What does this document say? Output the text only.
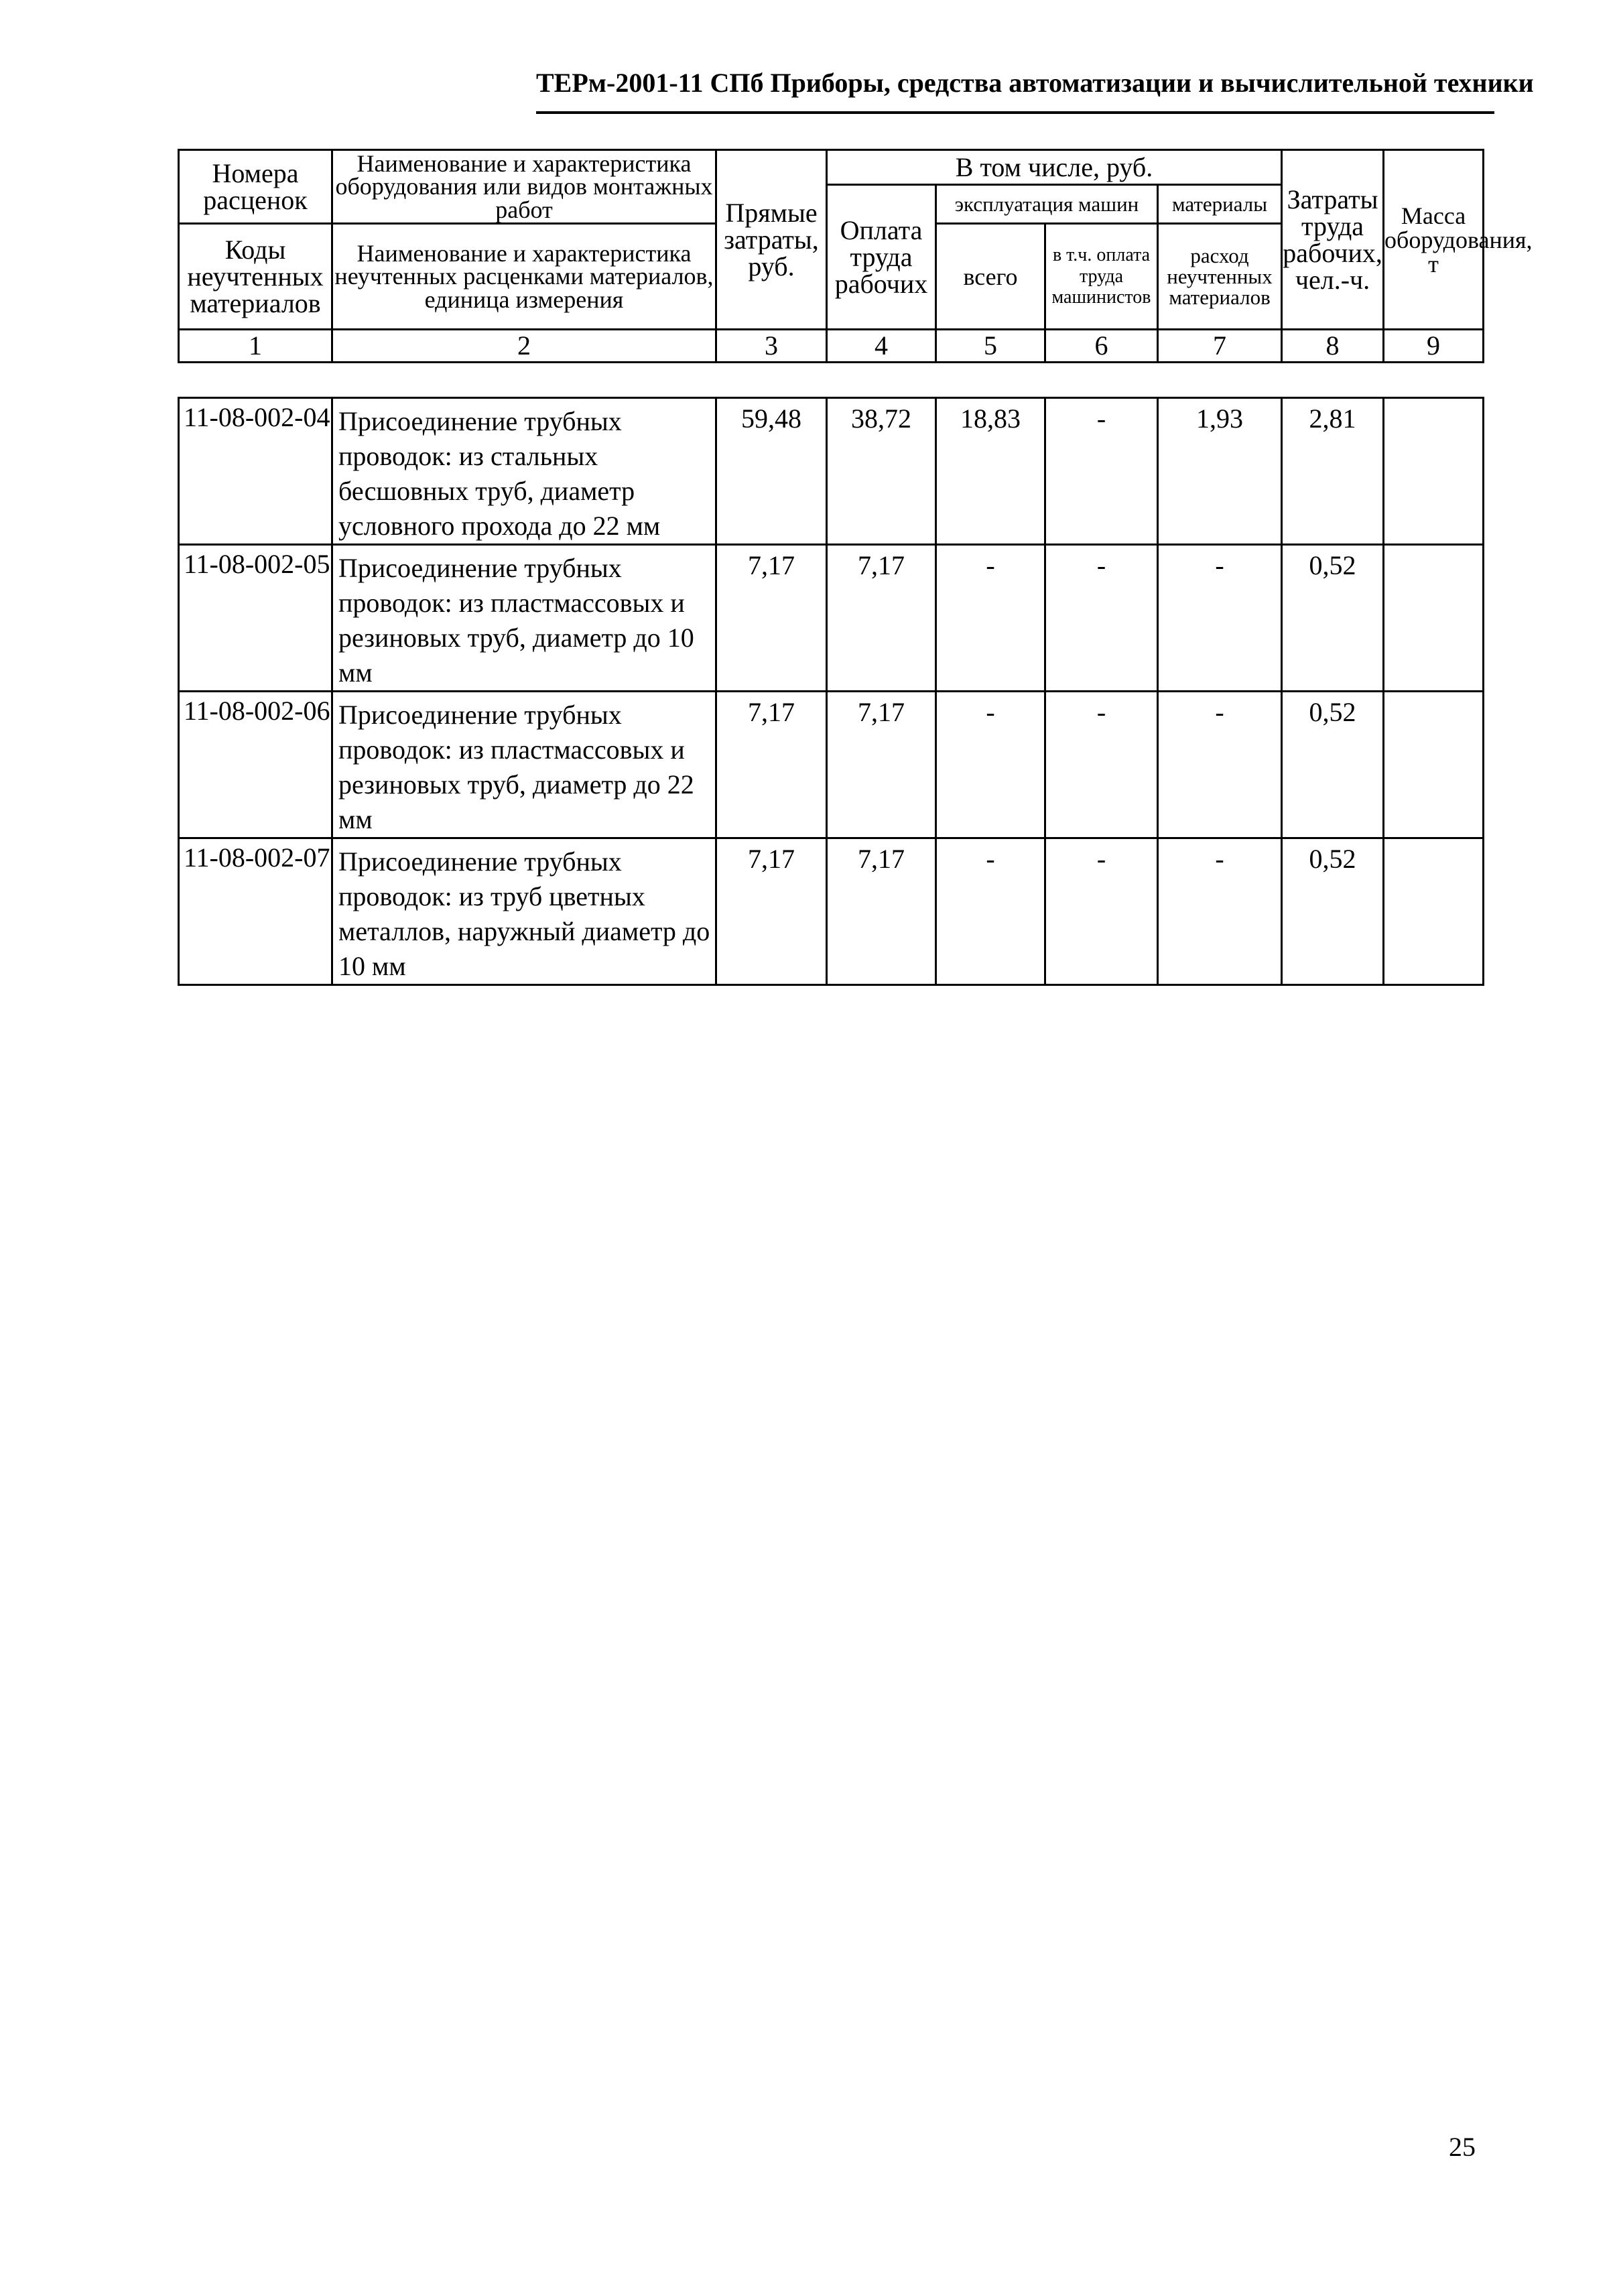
ТЕРм-2001-11 СПб Приборы, средства автоматизации и вычислительной техники
Номера расценок	Наименование и характеристика оборудования или видов монтажных работ	Прямые затраты, руб.	В том числе, руб.				Затраты труда рабочих, чел.-ч.	Масса оборудования, т
			Оплата труда рабочих	эксплуатация машин		материалы		
Коды неучтенных материалов	Наименование и характеристика неучтенных расценками материалов, единица измерения			всего	в т.ч. оплата труда машинистов	расход неучтенных материалов		

1	2	3	4	5	6	7	8	9
11-08-002-04	Присоединение трубных проводок: из стальных бесшовных труб, диаметр условного прохода до 22 мм	59,48	38,72	18,83	-	1,93	2,81	
11-08-002-05	Присоединение трубных проводок: из пластмассовых и резиновых труб, диаметр до 10 мм	7,17	7,17	-	-	-	0,52	
11-08-002-06	Присоединение трубных проводок: из пластмассовых и резиновых труб, диаметр до 22 мм	7,17	7,17	-	-	-	0,52	
11-08-002-07	Присоединение трубных проводок: из труб цветных металлов, наружный диаметр до 10 мм	7,17	7,17	-	-	-	0,52	
25
